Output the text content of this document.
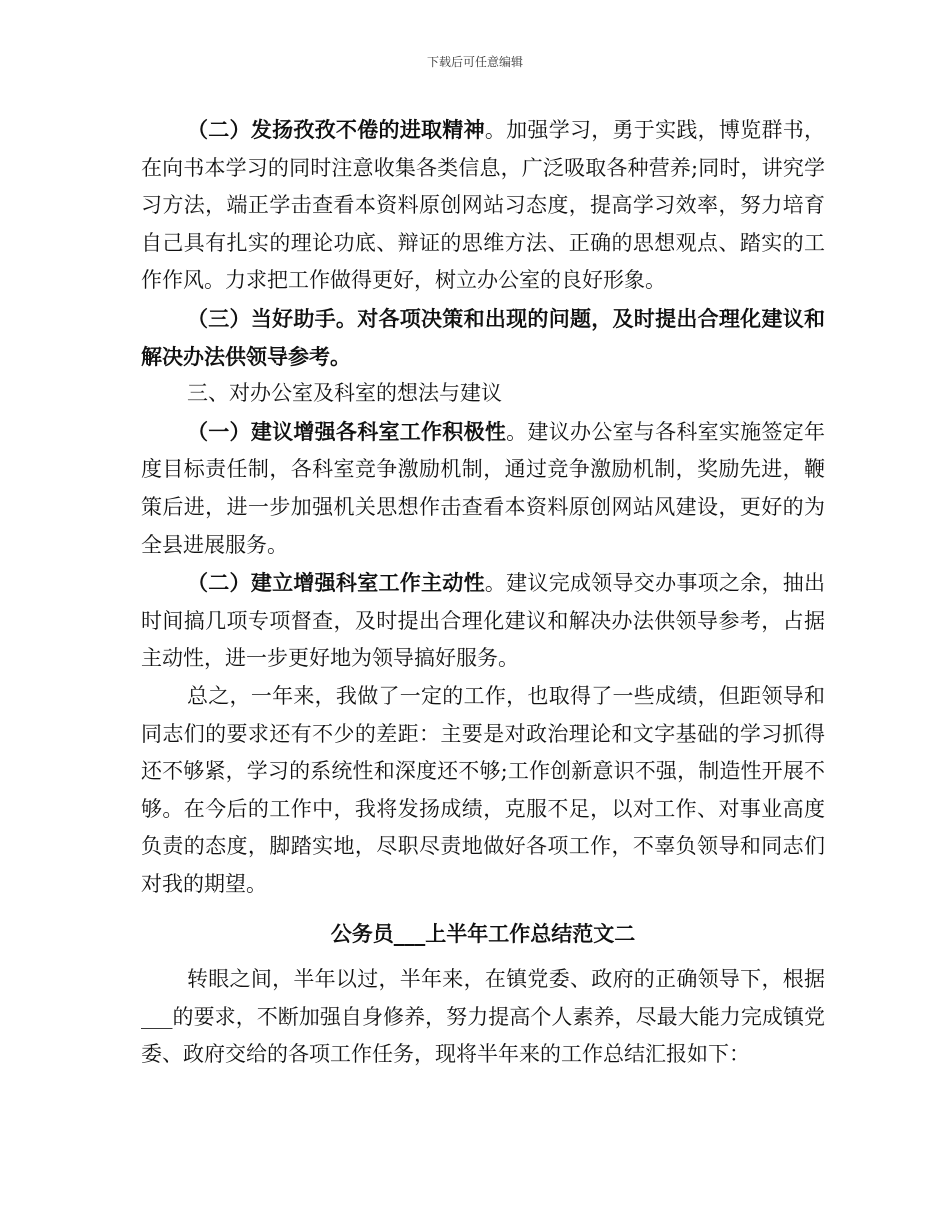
下载后可任意编辑

（二）发扬孜孜不倦的进取精神。加强学习，勇于实践，博览群书，在向书本学习的同时注意收集各类信息，广泛吸取各种营养;同时，讲究学习方法，端正学击查看本资料原创网站习态度，提高学习效率，努力培育自己具有扎实的理论功底、辩证的思维方法、正确的思想观点、踏实的工作作风。力求把工作做得更好，树立办公室的良好形象。

（三）当好助手。对各项决策和出现的问题，及时提出合理化建议和解决办法供领导参考。

三、对办公室及科室的想法与建议

（一）建议增强各科室工作积极性。建议办公室与各科室实施签定年度目标责任制，各科室竞争激励机制，通过竞争激励机制，奖励先进，鞭策后进，进一步加强机关思想作击查看本资料原创网站风建设，更好的为全县进展服务。

（二）建立增强科室工作主动性。建议完成领导交办事项之余，抽出时间搞几项专项督查，及时提出合理化建议和解决办法供领导参考，占据主动性，进一步更好地为领导搞好服务。

总之，一年来，我做了一定的工作，也取得了一些成绩，但距领导和同志们的要求还有不少的差距：主要是对政治理论和文字基础的学习抓得还不够紧，学习的系统性和深度还不够;工作创新意识不强，制造性开展不够。在今后的工作中，我将发扬成绩，克服不足，以对工作、对事业高度负责的态度，脚踏实地，尽职尽责地做好各项工作，不辜负领导和同志们对我的期望。

公务员___上半年工作总结范文二

转眼之间，半年以过，半年来，在镇党委、政府的正确领导下，根据___的要求，不断加强自身修养，努力提高个人素养，尽最大能力完成镇党委、政府交给的各项工作任务，现将半年来的工作总结汇报如下：
